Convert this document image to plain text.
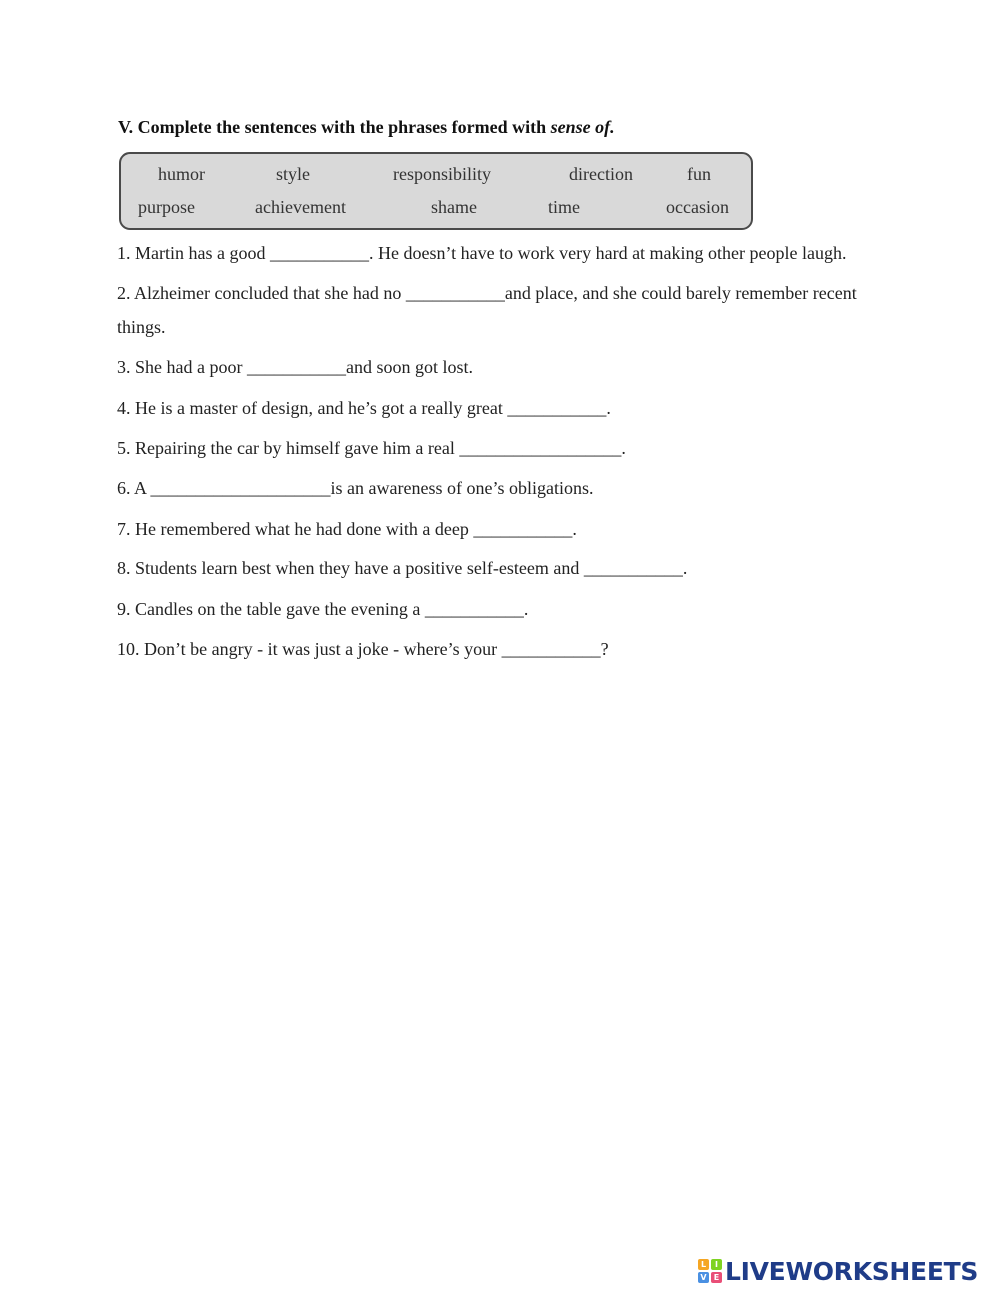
V. Complete the sentences with the phrases formed with sense of.
humor	style	responsibility	direction	fun
purpose	achievement	shame	time	occasion
1. Martin has a good ___________. He doesn’t have to work very hard at making other people laugh.
2. Alzheimer concluded that she had no ___________and place, and she could barely remember recent
things.
3. She had a poor ___________and soon got lost.
4. He is a master of design, and he’s got a really great ___________.
5. Repairing the car by himself gave him a real __________________.
6. A ____________________is an awareness of one’s obligations.
7. He remembered what he had done with a deep ___________.
8. Students learn best when they have a positive self-esteem and ___________.
9. Candles on the table gave the evening a ___________.
10. Don’t be angry - it was just a joke - where’s your ___________?
L	I
V E LIVEWORKSHEETS
